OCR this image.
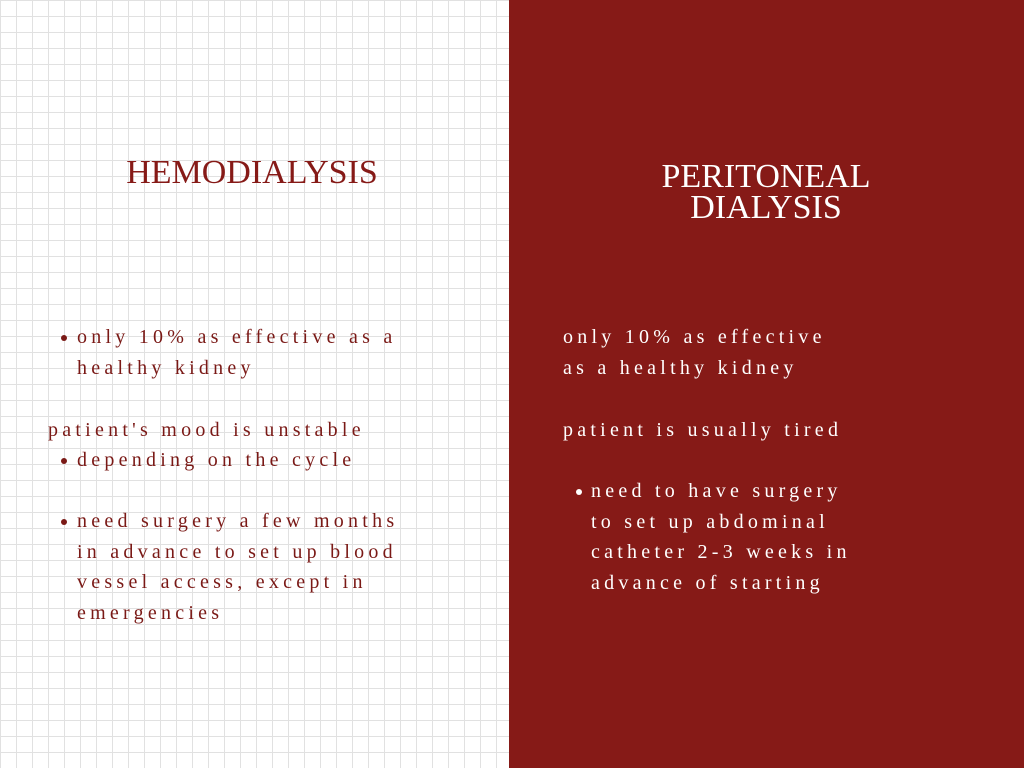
HEMODIALYSIS	PERITONEAL
DIALYSIS
only 10% as effective as a
healthy kidney
patient's mood is unstable
depending on the cycle
need surgery a few months
in advance to set up blood
vessel access, except in
emergencies
only 10% as effective
as a healthy kidney
patient is usually tired
need to have surgery
to set up abdominal
catheter 2-3 weeks in
advance of starting
